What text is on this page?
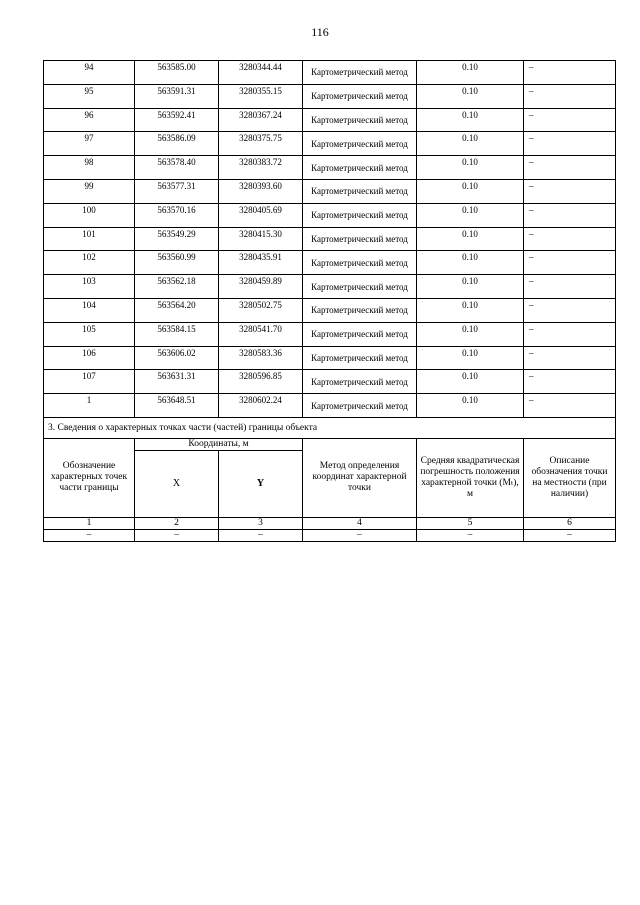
116
94	563585.00	3280344.44	Картометрический метод	0.10	–
95	563591.31	3280355.15	Картометрический метод	0.10	–
96	563592.41	3280367.24	Картометрический метод	0.10	–
97	563586.09	3280375.75	Картометрический метод	0.10	–
98	563578.40	3280383.72	Картометрический метод	0.10	–
99	563577.31	3280393.60	Картометрический метод	0.10	–
100	563570.16	3280405.69	Картометрический метод	0.10	–
101	563549.29	3280415.30	Картометрический метод	0.10	–
102	563560.99	3280435.91	Картометрический метод	0.10	–
103	563562.18	3280459.89	Картометрический метод	0.10	–
104	563564.20	3280502.75	Картометрический метод	0.10	–
105	563584.15	3280541.70	Картометрический метод	0.10	–
106	563606.02	3280583.36	Картометрический метод	0.10	–
107	563631.31	3280596.85	Картометрический метод	0.10	–
1	563648.51	3280602.24	Картометрический метод	0.10	–
3. Сведения о характерных точках части (частей) границы объекта					
Обозначение характерных точек части границы	Координаты, м		Метод определения координат характерной точки	Средняя квадратическая погрешность положения характерной точки (Mₜ), м	Описание обозначения точки на местности (при наличии)
	X	Y			
1	2	3	4	5	6
–	–	–	–	–	–
